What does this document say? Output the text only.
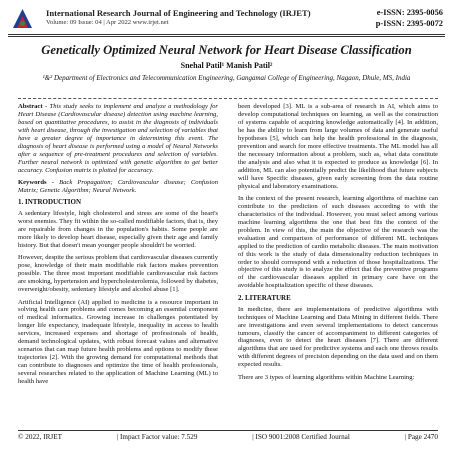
International Research Journal of Engineering and Technology (IRJET)
Volume: 09 Issue: 04 | Apr 2022 www.irjet.net
e-ISSN: 2395-0056
p-ISSN: 2395-0072
Genetically Optimized Neural Network for Heart Disease Classification
Snehal Patil¹ Manish Patil²
¹&² Department of Electronics and Telecommunication Engineering, Gangamai College of Engineering, Nagaon, Dhule, MS, India

Abstract - This study seeks to implement and analyze a methodology for Heart Disease (Cardiovascular disease) detection using machine learning, based on quantitative procedures, to assist in the diagnosis of individuals with heart disease, through the investigation and selection of variables that have a greater degree of importance in determining this event. The diagnosis of heart disease is performed using a model of Neural Networks after a sequence of pre-treatment procedures and selection of variables. Further neural network is optimized with genetic algorithm to get better accuracy. Confusion matrix is plotted for accuracy.

Keywords - Back Propagation; Cardiovascular disease; Confusion Matrix; Genetic Algorithm; Neural Network.

1. INTRODUCTION

A sedentary lifestyle, high cholesterol and stress are some of the heart's worst enemies. They fit within the so-called modifiable factors, that is, they are repairable from changes in the population's habits. Some people are more likely to develop heart disease, especially given their age and family history. But that doesn't mean younger people shouldn't be worried.

However, despite the serious problem that cardiovascular diseases currently pose, knowledge of their main modifiable risk factors makes prevention possible. The three most important modifiable cardiovascular risk factors are smoking, hypertension and hypercholesterolemia, followed by diabetes, overweight/obesity, sedentary lifestyle and alcohol abuse [1].

Artificial Intelligence (AI) applied to medicine is a resource important in solving health care problems and comes becoming an essential component of medical informatics. Growing increase in challenges potentiated by longer life expectancy, inadequate lifestyle, inequality in access to health services, increased expenses and shortage of professionals of health, demand technological updates, with robust forecast values and alternative scenarios that can map future health problems and options to modify these trajectories [2]. With the growing demand for computational methods that can contribute to diagnoses and optimize the time of health professionals, several researches related to the application of Machine Learning (ML) to health have

been developed [3]. ML is a sub-area of research in AI, which aims to develop computational techniques on learning, as well as the construction of systems capable of acquiring knowledge automatically [4]. In addition, he has the ability to learn from large volumes of data and generate useful hypotheses [5], which can help the health professional in the diagnosis, prevention and search for more effective treatments. The ML model has all the necessary information about a problem, such as, what data constitute the analysis and also what it is expected to produce as knowledge [6]. In addition, ML can also potentially predict the likelihood that future subjects will have Specific diseases, given early screening from the data routine physical and laboratory examinations.

In the context of the present research, learning algorithms of machine can contribute to the prediction of such diseases according to with the characteristics of the individual. However, you must select among various machine learning algorithms the one that best fits the context of the problem. In view of this, the main the objective of the research was the evaluation and comparison of performance of different ML techniques applied to the prediction of cardio metabolic diseases. The main motivation of this work is the study of data dimensionality reduction techniques in order to should correspond with a reduction of those hospitalizations. The objective of this study is to analyze the effect that the preventive programs of the cardiovascular diseases applied in primary care have on the avoidable hospitalization specific of these diseases.

2. LITERATURE

In medicine, there are implementations of predictive algorithms with techniques of Machine Learning and Data Mining in different fields. There are investigations and even several implementations to detect cancerous tumours, classify the cancer of accompaniment to different categories of diagnoses, even to detect the heart diseases [7]. There are different algorithms that are used for predictive systems and each one throws results with different degrees of precision depending on the data used and on them expected results.

There are 3 types of learning algorithms within Machine Learning:

© 2022, IRJET	| Impact Factor value: 7.529	| ISO 9001:2008 Certified Journal	| Page 2470
